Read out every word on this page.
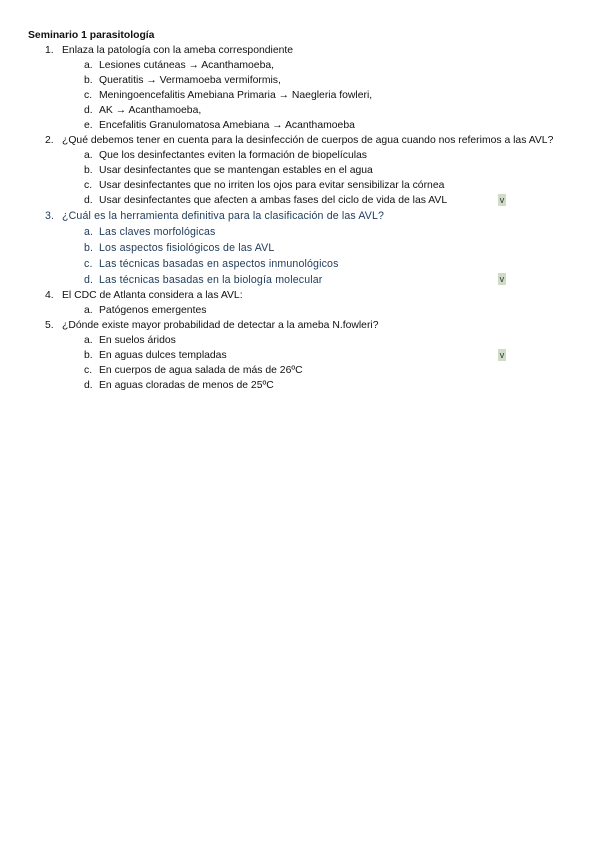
Seminario 1 parasitología
1. Enlaza la patología con la ameba correspondiente
a. Lesiones cutáneas → Acanthamoeba,
b. Queratitis → Vermamoeba vermiformis,
c. Meningoencefalitis Amebiana Primaria → Naegleria fowleri,
d. AK → Acanthamoeba,
e. Encefalitis Granulomatosa Amebiana → Acanthamoeba
2. ¿Qué debemos tener en cuenta para la desinfección de cuerpos de agua cuando nos referimos a las AVL?
a. Que los desinfectantes eviten la formación de biopelículas
b. Usar desinfectantes que se mantengan estables en el agua
c. Usar desinfectantes que no irriten los ojos para evitar sensibilizar la córnea
d. Usar desinfectantes que afecten a ambas fases del ciclo de vida de las AVL	v
3. ¿Cuál es la herramienta definitiva para la clasificación de las AVL?
a. Las claves morfológicas
b. Los aspectos fisiológicos de las AVL
c. Las técnicas basadas en aspectos inmunológicos
d. Las técnicas basadas en la biología molecular	v
4. El CDC de Atlanta considera a las AVL:
a. Patógenos emergentes
5. ¿Dónde existe mayor probabilidad de detectar a la ameba N.fowleri?
a. En suelos áridos
b. En aguas dulces templadas	v
c. En cuerpos de agua salada de más de 26ºC
d. En aguas cloradas de menos de 25ºC
